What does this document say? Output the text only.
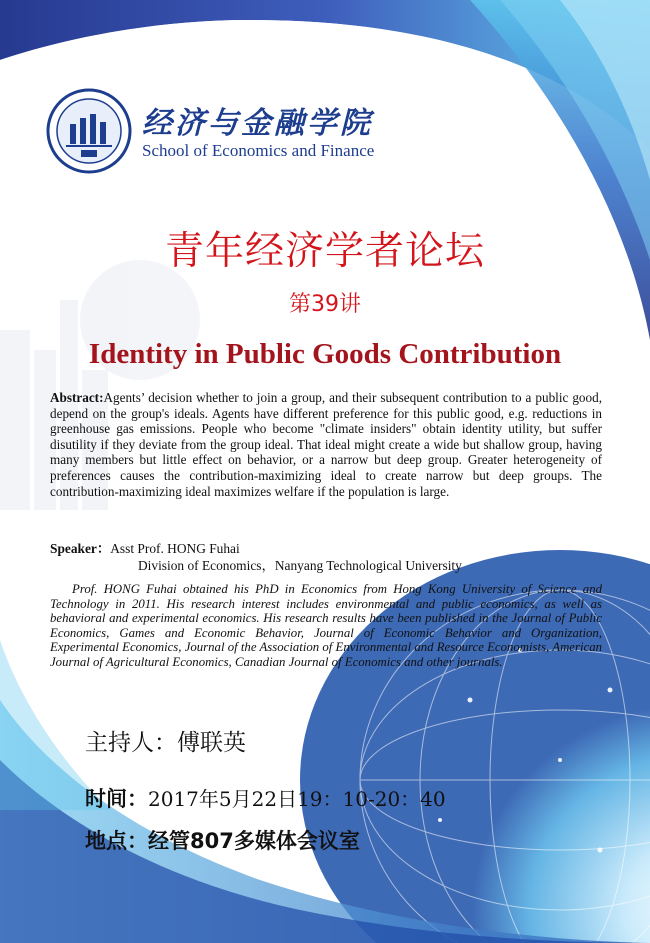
经济与金融学院
School of Economics and Finance
青年经济学者论坛
第39讲
Identity in Public Goods Contribution
Abstract:Agents’ decision whether to join a group, and their subsequent contribution to a public good, depend on the group's ideals. Agents have different preference for this public good, e.g. reductions in greenhouse gas emissions. People who become "climate insiders" obtain identity utility, but suffer disutility if they deviate from the group ideal. That ideal might create a wide but shallow group, having many members but little effect on behavior, or a narrow but deep group. Greater heterogeneity of preferences causes the contribution-maximizing ideal to create narrow but deep groups. The contribution-maximizing ideal maximizes welfare if the population is large.
Speaker：Asst Prof. HONG Fuhai
Division of Economics，Nanyang Technological University
Prof. HONG Fuhai obtained his PhD in Economics from Hong Kong University of Science and Technology in 2011. His research interest includes environmental and public economics, as well as behavioral and experimental economics. His research results have been published in the Journal of Public Economics, Games and Economic Behavior, Journal of Economic Behavior and Organization, Experimental Economics, Journal of the Association of Environmental and Resource Economists, American Journal of Agricultural Economics, Canadian Journal of Economics and other journals.
主持人：傅联英
时间：2017年5月22日19：10-20：40
地点：经管807多媒体会议室
